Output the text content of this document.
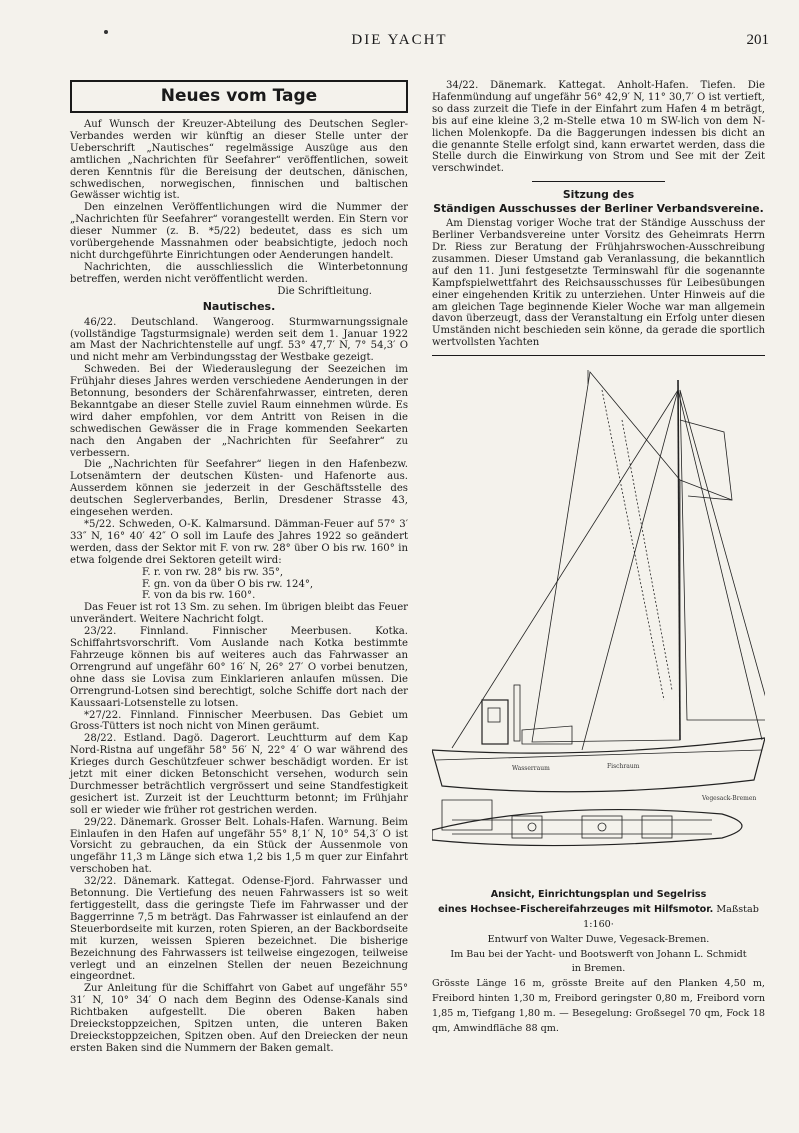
DIE YACHT	201
Neues vom Tage

Auf Wunsch der Kreuzer-Abteilung des Deutschen Segler-Verbandes werden wir künftig an dieser Stelle unter der Ueberschrift „Nautisches“ regelmässige Auszüge aus den amtlichen „Nachrichten für Seefahrer“ veröffentlichen, soweit deren Kenntnis für die Bereisung der deutschen, dänischen, schwedischen, norwegischen, finnischen und baltischen Gewässer wichtig ist.

Den einzelnen Veröffentlichungen wird die Nummer der „Nachrichten für Seefahrer“ vorangestellt werden. Ein Stern vor dieser Nummer (z. B. *5/22) bedeutet, dass es sich um vorübergehende Massnahmen oder beabsichtigte, jedoch noch nicht durchgeführte Einrichtungen oder Aenderungen handelt.

Nachrichten, die ausschliesslich die Winterbetonnung betreffen, werden nicht veröffentlicht werden.

Die Schriftleitung.

Nautisches.

46/22. Deutschland. Wangeroog. Sturmwarnungssignale (vollständige Tagsturmsignale) werden seit dem 1. Januar 1922 am Mast der Nachrichtenstelle auf ungf. 53° 47,7′ N, 7° 54,3′ O und nicht mehr am Verbindungsstag der Westbake gezeigt.

Schweden. Bei der Wiederauslegung der Seezeichen im Frühjahr dieses Jahres werden verschiedene Aenderungen in der Betonnung, besonders der Schärenfahrwasser, eintreten, deren Bekanntgabe an dieser Stelle zuviel Raum einnehmen würde. Es wird daher empfohlen, vor dem Antritt von Reisen in die schwedischen Gewässer die in Frage kommenden Seekarten nach den Angaben der „Nachrichten für Seefahrer“ zu verbessern.

Die „Nachrichten für Seefahrer“ liegen in den Hafenbezw. Lotsenämtern der deutschen Küsten- und Hafenorte aus. Ausserdem können sie jederzeit in der Geschäftsstelle des deutschen Seglerverbandes, Berlin, Dresdener Strasse 43, eingesehen werden.

*5/22. Schweden, O-K. Kalmarsund. Dämman-Feuer auf 57° 3′ 33″ N, 16° 40′ 42″ O soll im Laufe des Jahres 1922 so geändert werden, dass der Sektor mit F. von rw. 28° über O bis rw. 160° in etwa folgende drei Sektoren geteilt wird:

F. r. von rw. 28° bis rw. 35°,

F. gn. von da über O bis rw. 124°,

F. von da bis rw. 160°.

Das Feuer ist rot 13 Sm. zu sehen. Im übrigen bleibt das Feuer unverändert. Weitere Nachricht folgt.

23/22. Finnland. Finnischer Meerbusen. Kotka. Schiffahrtsvorschrift. Vom Auslande nach Kotka bestimmte Fahrzeuge können bis auf weiteres auch das Fahrwasser an Orrengrund auf ungefähr 60° 16′ N, 26° 27′ O vorbei benutzen, ohne dass sie Lovisa zum Einklarieren anlaufen müssen. Die Orrengrund-Lotsen sind berechtigt, solche Schiffe dort nach der Kaussaari-Lotsenstelle zu lotsen.

*27/22. Finnland. Finnischer Meerbusen. Das Gebiet um Gross-Tütters ist noch nicht von Minen geräumt.

28/22. Estland. Dagö. Dagerort. Leuchtturm auf dem Kap Nord-Ristna auf ungefähr 58° 56′ N, 22° 4′ O war während des Krieges durch Geschützfeuer schwer beschädigt worden. Er ist jetzt mit einer dicken Betonschicht versehen, wodurch sein Durchmesser beträchtlich vergrössert und seine Standfestigkeit gesichert ist. Zurzeit ist der Leuchtturm betonnt; im Frühjahr soll er wieder wie früher rot gestrichen werden.

29/22. Dänemark. Grosser Belt. Lohals-Hafen. Warnung. Beim Einlaufen in den Hafen auf ungefähr 55° 8,1′ N, 10° 54,3′ O ist Vorsicht zu gebrauchen, da ein Stück der Aussenmole von ungefähr 11,3 m Länge sich etwa 1,2 bis 1,5 m quer zur Einfahrt verschoben hat.

32/22. Dänemark. Kattegat. Odense-Fjord. Fahrwasser und Betonnung. Die Vertiefung des neuen Fahrwassers ist so weit fertiggestellt, dass die geringste Tiefe im Fahrwasser und der Baggerrinne 7,5 m beträgt. Das Fahrwasser ist einlaufend an der Steuerbordseite mit kurzen, roten Spieren, an der Backbordseite mit kurzen, weissen Spieren bezeichnet. Die bisherige Bezeichnung des Fahrwassers ist teilweise eingezogen, teilweise verlegt und an einzelnen Stellen der neuen Bezeichnung eingeordnet.

Zur Anleitung für die Schiffahrt von Gabet auf ungefähr 55° 31′ N, 10° 34′ O nach dem Beginn des Odense-Kanals sind Richtbaken aufgestellt. Die oberen Baken haben Dreieckstoppzeichen, Spitzen unten, die unteren Baken Dreieckstoppzeichen, Spitzen oben. Auf den Dreiecken der neun ersten Baken sind die Nummern der Baken gemalt.

34/22. Dänemark. Kattegat. Anholt-Hafen. Tiefen. Die Hafenmündung auf ungefähr 56° 42,9′ N, 11° 30,7′ O ist vertieft, so dass zurzeit die Tiefe in der Einfahrt zum Hafen 4 m beträgt, bis auf eine kleine 3,2 m-Stelle etwa 10 m SW-lich von dem N-lichen Molenkopfe. Da die Baggerungen indessen bis dicht an die genannte Stelle erfolgt sind, kann erwartet werden, dass die Stelle durch die Einwirkung von Strom und See mit der Zeit verschwindet.

Sitzung des
Ständigen Ausschusses der Berliner Verbandsvereine.

Am Dienstag voriger Woche trat der Ständige Ausschuss der Berliner Verbandsvereine unter Vorsitz des Geheimrats Herrn Dr. Riess zur Beratung der Frühjahrswochen-Ausschreibung zusammen. Dieser Umstand gab Veranlassung, die bekanntlich auf den 11. Juni festgesetzte Terminswahl für die sogenannte Kampfspielwettfahrt des Reichsausschusses für Leibesübungen einer eingehenden Kritik zu unterziehen. Unter Hinweis auf die am gleichen Tage beginnende Kieler Woche war man allgemein davon überzeugt, dass der Veranstaltung ein Erfolg unter diesen Umständen nicht beschieden sein könne, da gerade die sportlich wertvollsten Yachten

Wasserraum	Fischraum
Vegesack-Bremen
Ansicht, Einrichtungsplan und Segelriss
eines Hochsee-Fischereifahrzeuges mit Hilfsmotor. Maßstab 1:160·
Entwurf von Walter Duwe, Vegesack-Bremen.
Im Bau bei der Yacht- und Bootswerft von Johann L. Schmidt
in Bremen.
Grösste Länge 16 m, grösste Breite auf den Planken 4,50 m, Freibord hinten 1,30 m, Freibord geringster 0,80 m, Freibord vorn 1,85 m, Tiefgang 1,80 m. — Besegelung: Großsegel 70 qm, Fock 18 qm, Amwindfläche 88 qm.
